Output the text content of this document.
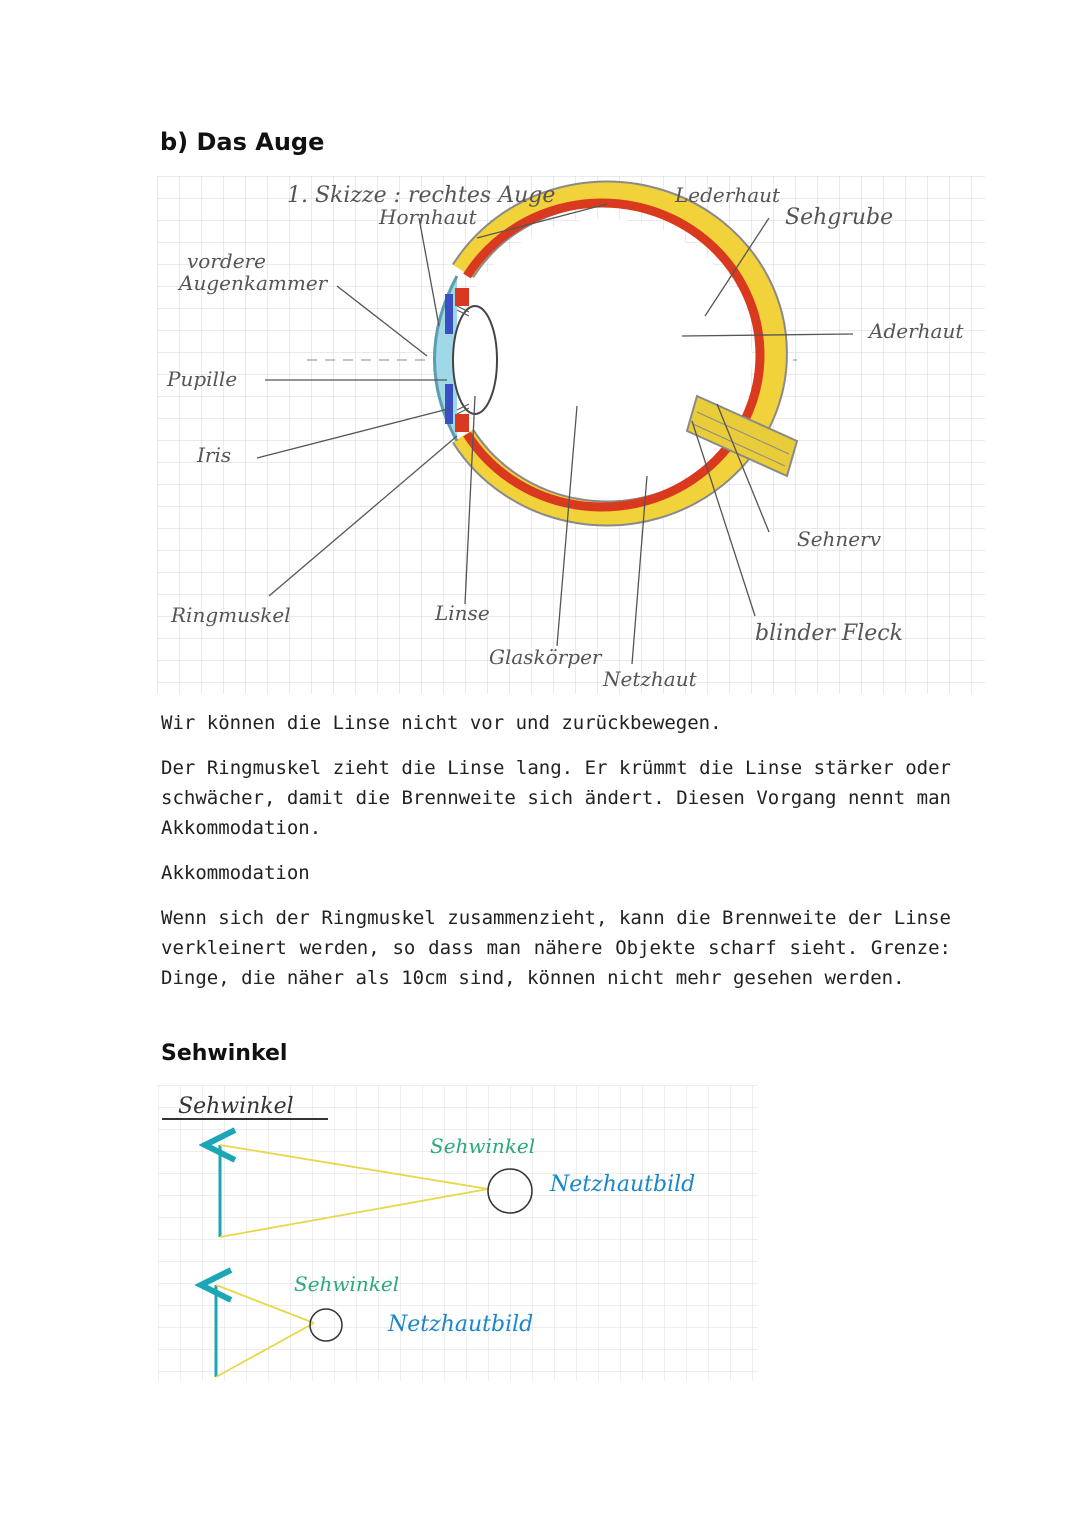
b) Das Auge
1. Skizze : rechtes Auge
Hornhaut
Lederhaut
Sehgrube
vordere
Augenkammer
Aderhaut
Pupille
Iris
Sehnerv
Ringmuskel	Linse
blinder Fleck
Glaskörper
Netzhaut

Wir können die Linse nicht vor und zurückbewegen.

Der Ringmuskel zieht die Linse lang. Er krümmt die Linse stärker oder schwächer, damit die Brennweite sich ändert. Diesen Vorgang nennt man Akkommodation.

Akkommodation

Wenn sich der Ringmuskel zusammenzieht, kann die Brennweite der Linse verkleinert werden, so dass man nähere Objekte scharf sieht. Grenze: Dinge, die näher als 10cm sind, können nicht mehr gesehen werden.

Sehwinkel
Sehwinkel
Sehwinkel
Netzhautbild
Sehwinkel
Netzhautbild
